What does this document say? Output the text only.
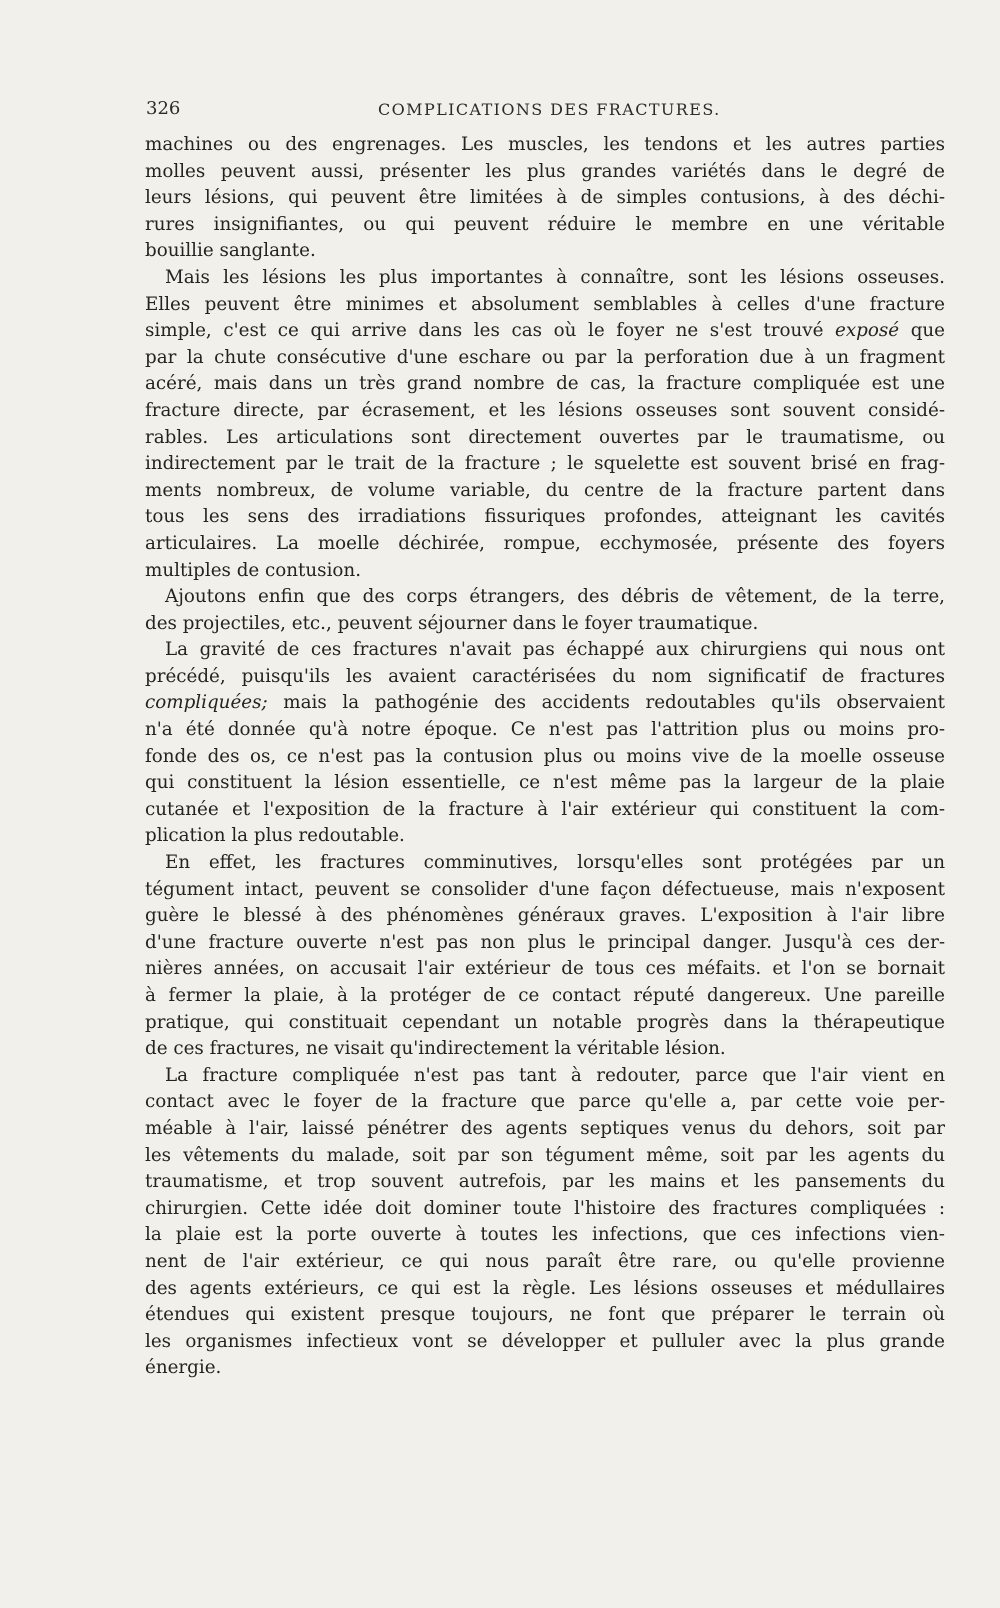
326	COMPLICATIONS DES FRACTURES.

machines ou des engrenages. Les muscles, les tendons et les autres parties
molles peuvent aussi, présenter les plus grandes variétés dans le degré de
leurs lésions, qui peuvent être limitées à de simples contusions, à des déchi-
rures insignifiantes, ou qui peuvent réduire le membre en une véritable
bouillie sanglante.

Mais les lésions les plus importantes à connaître, sont les lésions osseuses.
Elles peuvent être minimes et absolument semblables à celles d'une fracture
simple, c'est ce qui arrive dans les cas où le foyer ne s'est trouvé exposé que
par la chute consécutive d'une eschare ou par la perforation due à un fragment
acéré, mais dans un très grand nombre de cas, la fracture compliquée est une
fracture directe, par écrasement, et les lésions osseuses sont souvent considé-
rables. Les articulations sont directement ouvertes par le traumatisme, ou
indirectement par le trait de la fracture ; le squelette est souvent brisé en frag-
ments nombreux, de volume variable, du centre de la fracture partent dans
tous les sens des irradiations fissuriques profondes, atteignant les cavités
articulaires. La moelle déchirée, rompue, ecchymosée, présente des foyers
multiples de contusion.

Ajoutons enfin que des corps étrangers, des débris de vêtement, de la terre,
des projectiles, etc., peuvent séjourner dans le foyer traumatique.

La gravité de ces fractures n'avait pas échappé aux chirurgiens qui nous ont
précédé, puisqu'ils les avaient caractérisées du nom significatif de fractures
compliquées; mais la pathogénie des accidents redoutables qu'ils observaient
n'a été donnée qu'à notre époque. Ce n'est pas l'attrition plus ou moins pro-
fonde des os, ce n'est pas la contusion plus ou moins vive de la moelle osseuse
qui constituent la lésion essentielle, ce n'est même pas la largeur de la plaie
cutanée et l'exposition de la fracture à l'air extérieur qui constituent la com-
plication la plus redoutable.

En effet, les fractures comminutives, lorsqu'elles sont protégées par un
tégument intact, peuvent se consolider d'une façon défectueuse, mais n'exposent
guère le blessé à des phénomènes généraux graves. L'exposition à l'air libre
d'une fracture ouverte n'est pas non plus le principal danger. Jusqu'à ces der-
nières années, on accusait l'air extérieur de tous ces méfaits. et l'on se bornait
à fermer la plaie, à la protéger de ce contact réputé dangereux. Une pareille
pratique, qui constituait cependant un notable progrès dans la thérapeutique
de ces fractures, ne visait qu'indirectement la véritable lésion.

La fracture compliquée n'est pas tant à redouter, parce que l'air vient en
contact avec le foyer de la fracture que parce qu'elle a, par cette voie per-
méable à l'air, laissé pénétrer des agents septiques venus du dehors, soit par
les vêtements du malade, soit par son tégument même, soit par les agents du
traumatisme, et trop souvent autrefois, par les mains et les pansements du
chirurgien. Cette idée doit dominer toute l'histoire des fractures compliquées :
la plaie est la porte ouverte à toutes les infections, que ces infections vien-
nent de l'air extérieur, ce qui nous paraît être rare, ou qu'elle provienne
des agents extérieurs, ce qui est la règle. Les lésions osseuses et médullaires
étendues qui existent presque toujours, ne font que préparer le terrain où
les organismes infectieux vont se développer et pulluler avec la plus grande
énergie.
